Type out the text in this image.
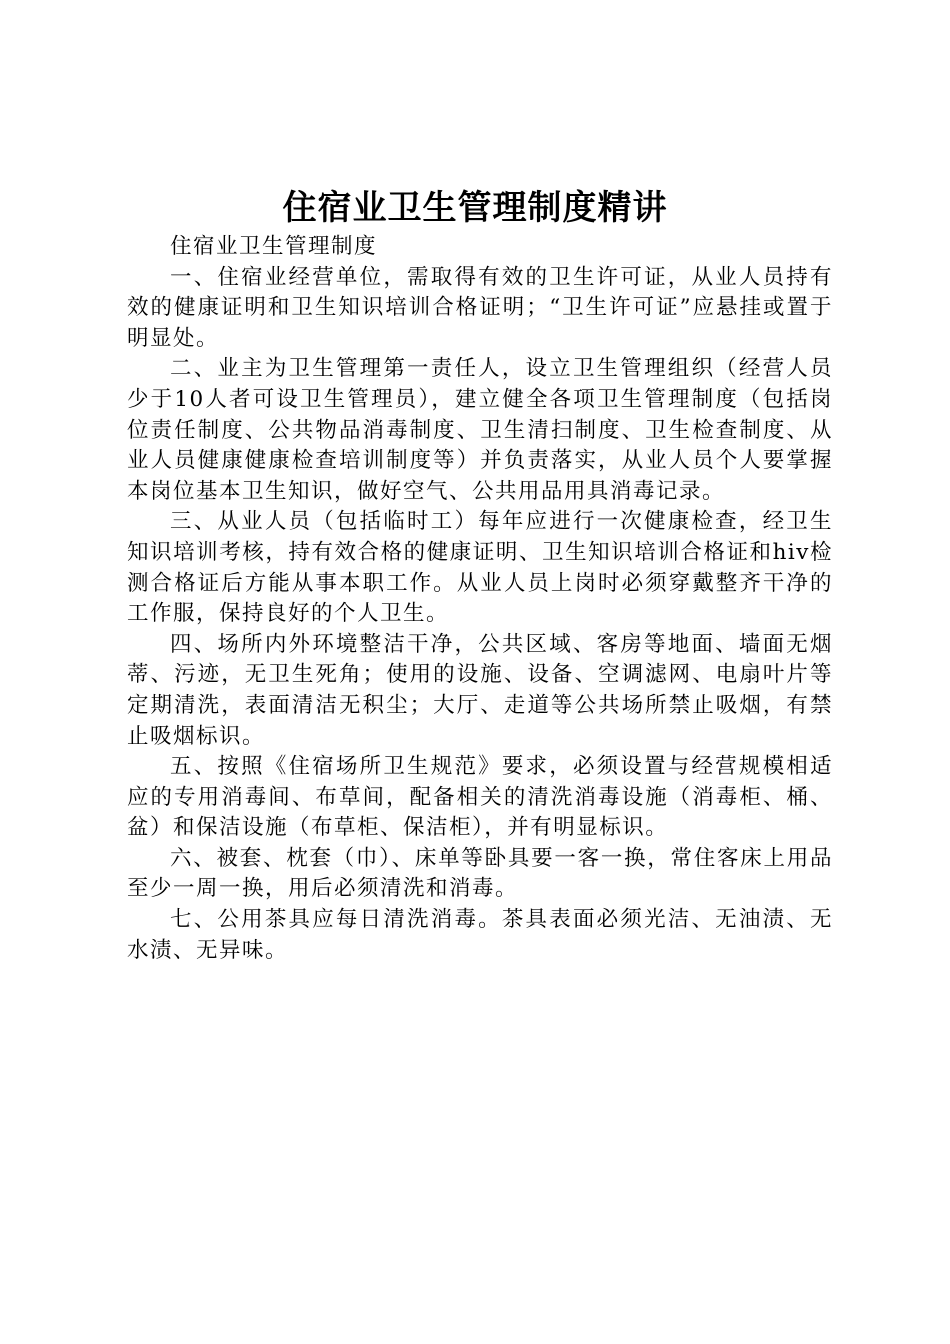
住宿业卫生管理制度精讲

住宿业卫生管理制度

一、住宿业经营单位，需取得有效的卫生许可证，从业人员持有效的健康证明和卫生知识培训合格证明；“卫生许可证”应悬挂或置于明显处。

二、业主为卫生管理第一责任人，设立卫生管理组织（经营人员少于10人者可设卫生管理员），建立健全各项卫生管理制度（包括岗位责任制度、公共物品消毒制度、卫生清扫制度、卫生检查制度、从业人员健康健康检查培训制度等）并负责落实，从业人员个人要掌握本岗位基本卫生知识，做好空气、公共用品用具消毒记录。

三、从业人员（包括临时工）每年应进行一次健康检查，经卫生知识培训考核，持有效合格的健康证明、卫生知识培训合格证和hiv检测合格证后方能从事本职工作。从业人员上岗时必须穿戴整齐干净的工作服，保持良好的个人卫生。

四、场所内外环境整洁干净，公共区域、客房等地面、墙面无烟蒂、污迹，无卫生死角；使用的设施、设备、空调滤网、电扇叶片等定期清洗，表面清洁无积尘；大厅、走道等公共场所禁止吸烟，有禁止吸烟标识。

五、按照《住宿场所卫生规范》要求，必须设置与经营规模相适应的专用消毒间、布草间，配备相关的清洗消毒设施（消毒柜、桶、盆）和保洁设施（布草柜、保洁柜），并有明显标识。

六、被套、枕套（巾）、床单等卧具要一客一换，常住客床上用品至少一周一换，用后必须清洗和消毒。

七、公用茶具应每日清洗消毒。茶具表面必须光洁、无油渍、无水渍、无异味。
